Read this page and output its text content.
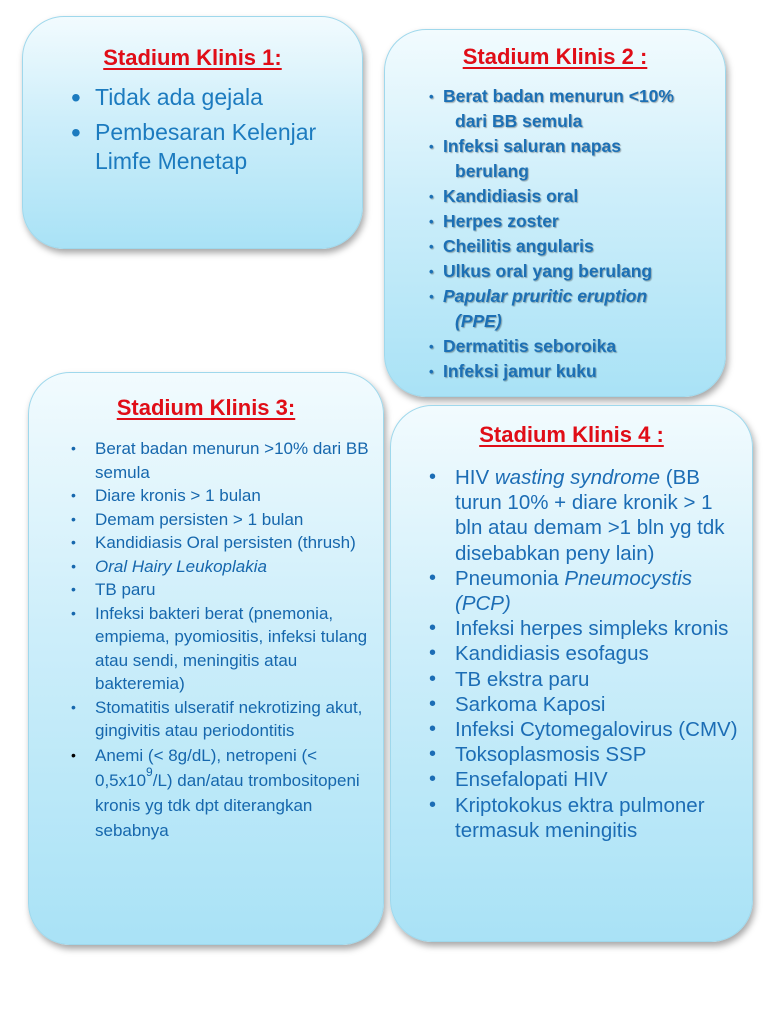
Stadium Klinis 1:
• Tidak ada gejala
• Pembesaran Kelenjar Limfe Menetap
Stadium Klinis 2 :
• Berat badan menurun <10%
dari BB semula
• Infeksi saluran napas
berulang
• Kandidiasis oral
• Herpes zoster
• Cheilitis angularis
• Ulkus oral yang berulang
• Papular pruritic eruption
(PPE)
• Dermatitis seboroika
• Infeksi jamur kuku
Stadium Klinis 3:
• Berat badan menurun >10% dari BB semula
• Diare kronis > 1 bulan
• Demam persisten > 1 bulan
• Kandidiasis Oral persisten (thrush)
• Oral Hairy Leukoplakia
• TB paru
• Infeksi bakteri berat (pnemonia, empiema, pyomiositis, infeksi tulang atau sendi, meningitis atau bakteremia)
• Stomatitis ulseratif nekrotizing akut, gingivitis atau periodontitis
• Anemi (< 8g/dL), netropeni (< $0,5x10^9/L$) dan/atau trombositopeni kronis yg tdk dpt diterangkan sebabnya
Stadium Klinis 4 :
• HIV wasting syndrome (BB turun 10% + diare kronik > 1 bln atau demam >1 bln yg tdk disebabkan peny lain)
• Pneumonia Pneumocystis (PCP)
• Infeksi herpes simpleks kronis
• Kandidiasis esofagus
• TB ekstra paru
• Sarkoma Kaposi
• Infeksi Cytomegalovirus (CMV)
• Toksoplasmosis SSP
• Ensefalopati HIV
• Kriptokokus ektra pulmoner termasuk meningitis
